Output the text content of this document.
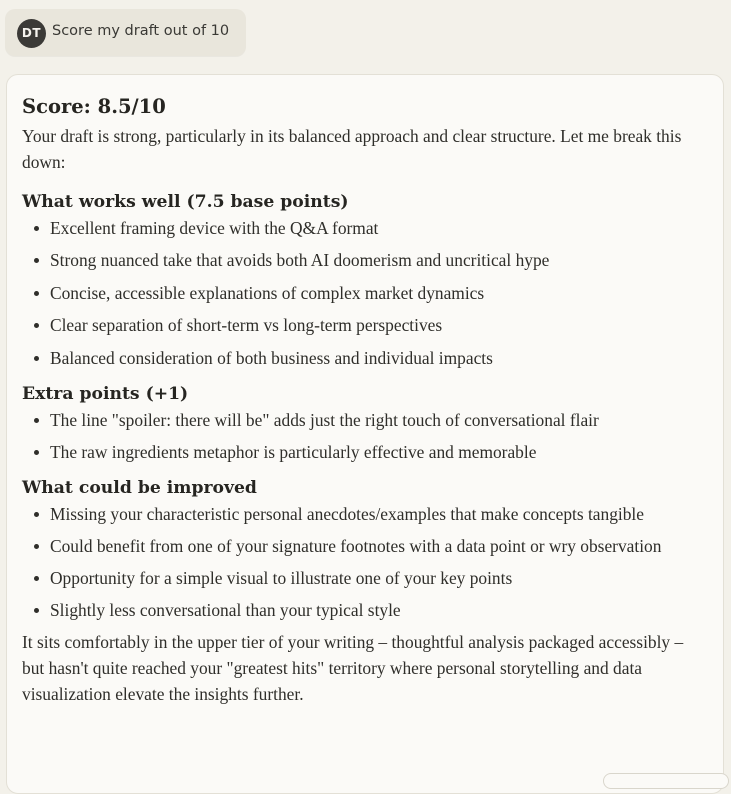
DT Score my draft out of 10
Score: 8.5/10

Your draft is strong, particularly in its balanced approach and clear structure. Let me break this down:

What works well (7.5 base points)
Excellent framing device with the Q&A format
Strong nuanced take that avoids both AI doomerism and uncritical hype
Concise, accessible explanations of complex market dynamics
Clear separation of short-term vs long-term perspectives
Balanced consideration of both business and individual impacts
Extra points (+1)
The line "spoiler: there will be" adds just the right touch of conversational flair
The raw ingredients metaphor is particularly effective and memorable
What could be improved
Missing your characteristic personal anecdotes/examples that make concepts tangible
Could benefit from one of your signature footnotes with a data point or wry observation
Opportunity for a simple visual to illustrate one of your key points
Slightly less conversational than your typical style

It sits comfortably in the upper tier of your writing – thoughtful analysis packaged accessibly – but hasn't quite reached your "greatest hits" territory where personal storytelling and data visualization elevate the insights further.
